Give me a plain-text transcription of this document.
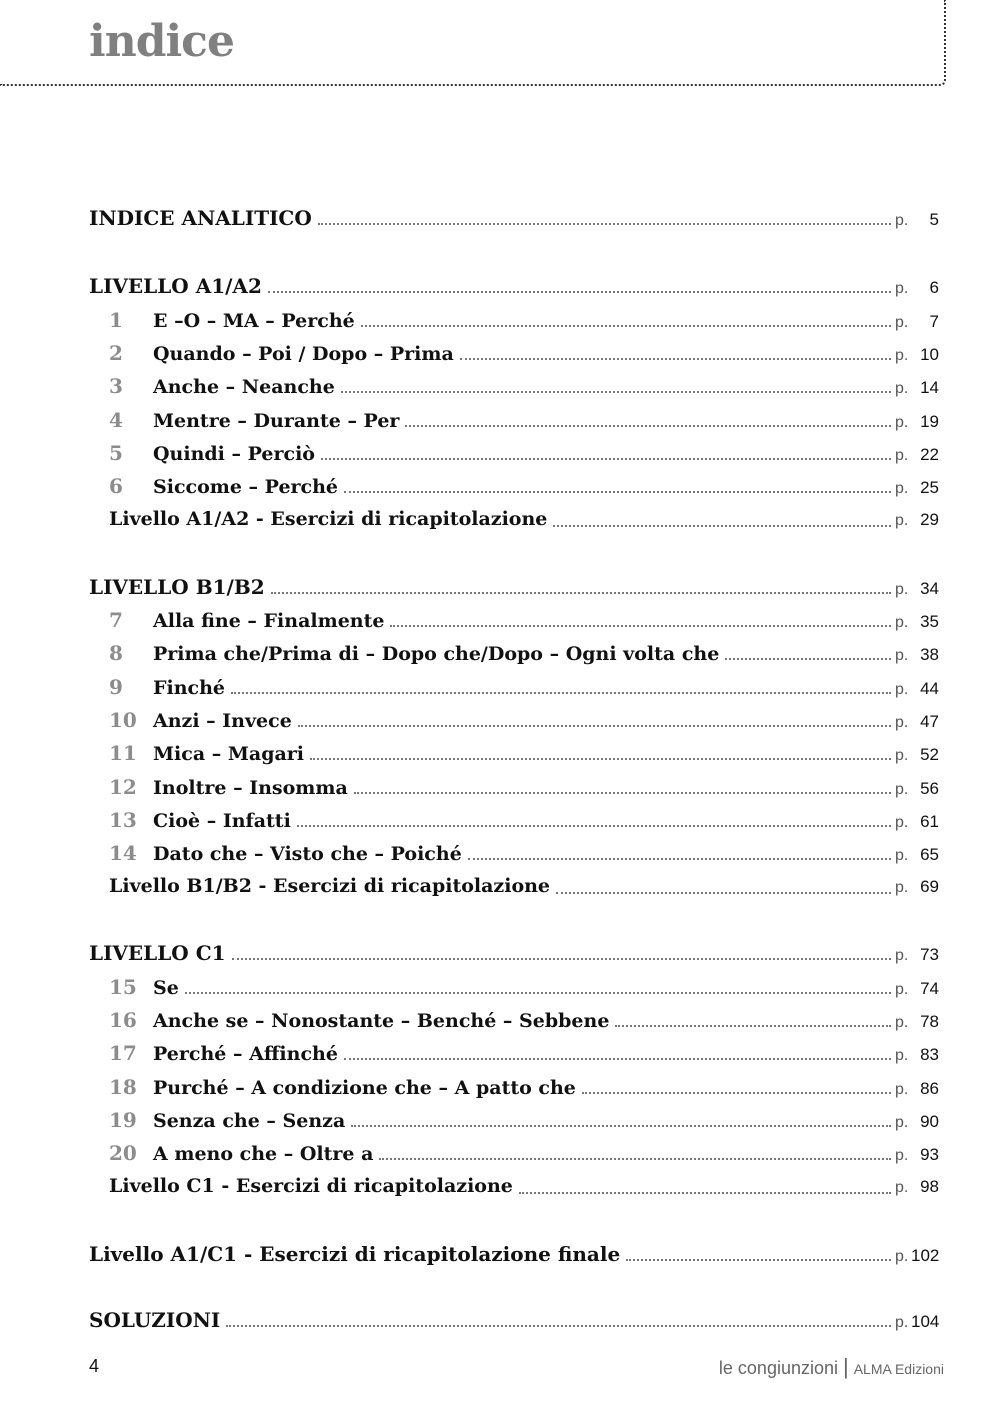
indice
INDICE ANALITICO	p.	5
LIVELLO A1/A2	p.	6
1	E –O – MA – Perché	p.	7
2	Quando – Poi / Dopo – Prima	p. 10
3	Anche – Neanche	p. 14
4	Mentre – Durante – Per	p. 19
5	Quindi – Perciò	p. 22
6	Siccome – Perché	p. 25
Livello A1/A2 - Esercizi di ricapitolazione	p. 29
LIVELLO B1/B2	p. 34
7	Alla fine – Finalmente	p. 35
8	Prima che/Prima di – Dopo che/Dopo – Ogni volta che	p. 38
9	Finché	p. 44
10 Anzi – Invece	p. 47
11 Mica – Magari	p. 52
12 Inoltre – Insomma	p. 56
13 Cioè – Infatti	p. 61
14 Dato che – Visto che – Poiché	p. 65
Livello B1/B2 - Esercizi di ricapitolazione	p. 69
LIVELLO C1	p. 73
15 Se	p. 74
16 Anche se – Nonostante – Benché – Sebbene	p. 78
17 Perché – Affinché	p. 83
18 Purché – A condizione che – A patto che	p. 86
19 Senza che – Senza	p. 90
20 A meno che – Oltre a	p. 93
Livello C1 - Esercizi di ricapitolazione	p. 98
Livello A1/C1 - Esercizi di ricapitolazione finale	p. 102
SOLUZIONI	p. 104
4	le congiunzioni | ALMA Edizioni
